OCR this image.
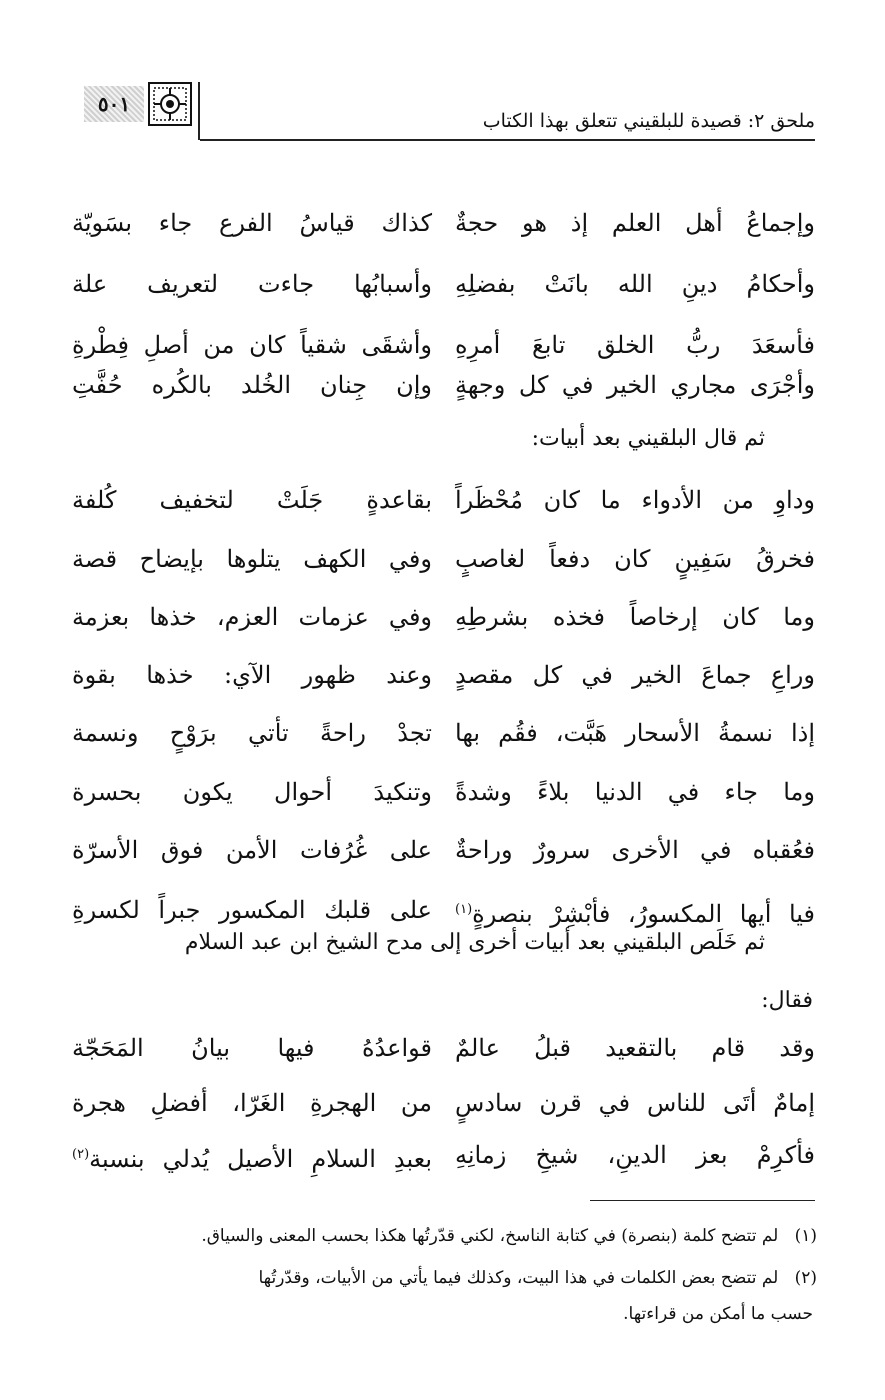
ملحق ٢: قصيدة للبلقيني تتعلق بهذا الكتاب
٥٠١
وإجماعُ أهل العلم إذ هو حجةٌ
كذاك قياسُ الفرع جاء بسَويّة
وأحكامُ دينِ الله بانَتْ بفضلِهِ
وأسبابُها جاءت لتعريف علة
فأسعَدَ ربُّ الخلق تابعَ أمرِهِ
وأشقَى شقياً كان من أصلِ فِطْرةِ
وأجْرَى مجاري الخير في كل وجهةٍ
وإن جِنان الخُلد بالكُره حُفَّتِ
ثم قال البلقيني بعد أبيات:
وداوِ من الأدواء ما كان مُحْظَراً
بقاعدةٍ جَلَتْ لتخفيف كُلفة
فخرقُ سَفِينٍ كان دفعاً لغاصبٍ
وفي الكهف يتلوها بإيضاح قصة
وما كان إرخاصاً فخذه بشرطِهِ
وفي عزمات العزم، خذها بعزمة
وراعِ جماعَ الخير في كل مقصدٍ
وعند ظهور الآي: خذها بقوة
إذا نسمةُ الأسحار هَبَّت، فقُم بها
تجدْ راحةً تأتي برَوْحٍ ونسمة
وما جاء في الدنيا بلاءً وشدةً
وتنكيدَ أحوال يكون بحسرة
فعُقباه في الأخرى سرورٌ وراحةٌ
على غُرُفات الأمن فوق الأسرّة
فيا أيها المكسورُ، فأبْشِرْ بنصرةٍ$^{(١)}$
على قلبك المكسور جبراً لكسرةِ
ثم خَلَص البلقيني بعد أبيات أخرى إلى مدح الشيخ ابن عبد السلام
فقال:
وقد قام بالتقعيد قبلُ عالمٌ
قواعدُهُ فيها بيانُ المَحَجّة
إمامٌ أتَى للناس في قرن سادسٍ
من الهجرةِ الغَرّا، أفضلِ هجرة
فأكرِمْ بعز الدينِ، شيخِ زمانِهِ
بعبدِ السلامِ الأصيل يُدلي بنسبة$^{(٢)}$
(١)   لم تتضح كلمة (بنصرة) في كتابة الناسخ، لكني قدّرتُها هكذا بحسب المعنى والسياق.
(٢)   لم تتضح بعض الكلمات في هذا البيت، وكذلك فيما يأتي من الأبيات، وقدّرتُها
حسب ما أمكن من قراءتها.
